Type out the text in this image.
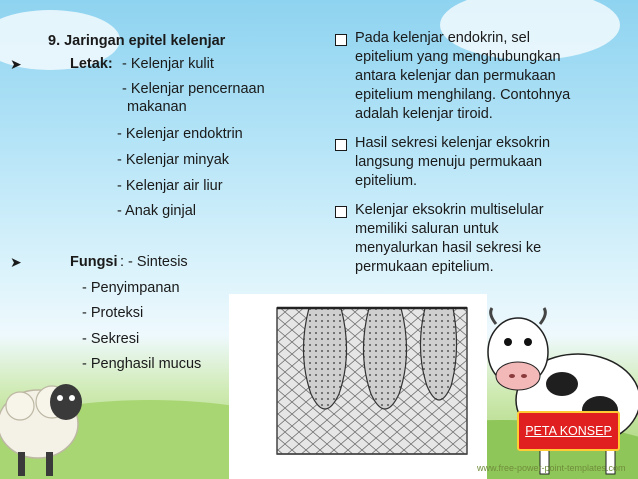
9. Jaringan epitel kelenjar
➤	Letak: - Kelenjar kulit
- Kelenjar pencernaan
makanan
- Kelenjar endoktrin
- Kelenjar minyak
- Kelenjar air liur
- Anak ginjal
➤	Fungsi : - Sintesis
- Penyimpanan
- Proteksi
- Sekresi
- Penghasil mucus
Pada kelenjar endokrin, sel
epitelium yang menghubungkan
antara kelenjar dan permukaan
epitelium menghilang. Contohnya
adalah kelenjar tiroid.
Hasil sekresi kelenjar eksokrin
langsung menuju permukaan
epitelium.
Kelenjar eksokrin multiselular
memiliki saluran untuk
menyalurkan hasil sekresi ke
permukaan epitelium.
PETA KONSEP
www.free-power-point-templates.com
